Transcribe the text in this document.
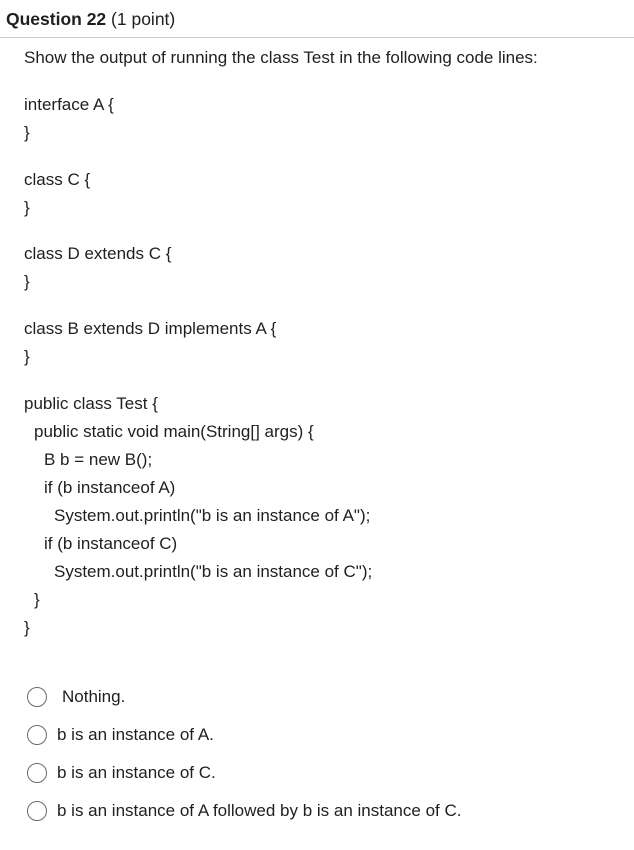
Question 22 (1 point)
Show the output of running the class Test in the following code lines:
interface A {
}
class C {
}
class D extends C {
}
class B extends D implements A {
}
public class Test {
public static void main(String[] args) {
B b = new B();
if (b instanceof A)
System.out.println("b is an instance of A");
if (b instanceof C)
System.out.println("b is an instance of C");
}
}
Nothing.
b is an instance of A.
b is an instance of C.
b is an instance of A followed by b is an instance of C.
